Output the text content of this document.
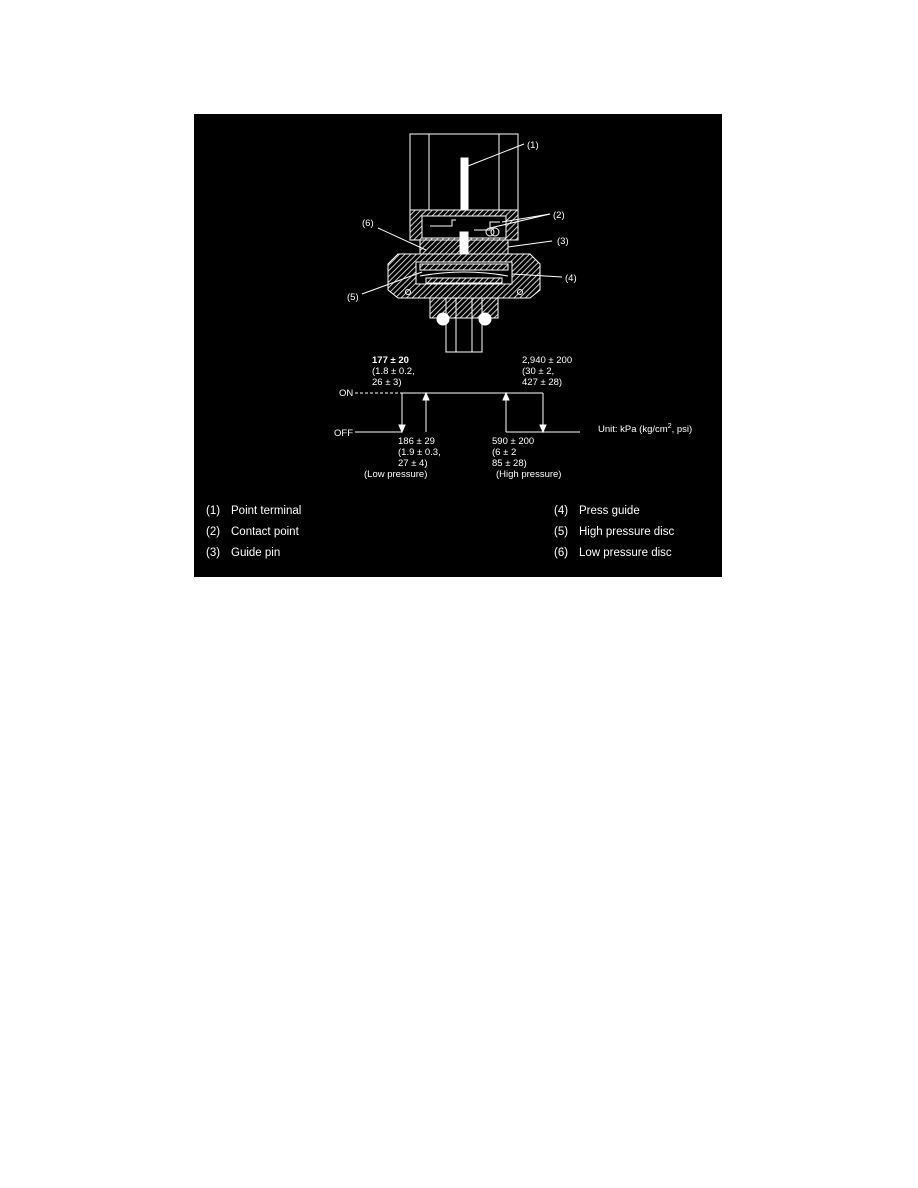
(1)
(2)
(3)
(4)
(5)
(6)
ON
OFF
177 ± 20
(1.8 ± 0.2,
26 ± 3)
2,940 ± 200
(30 ± 2,
427 ± 28)
186 ± 29
(1.9 ± 0.3,
27 ± 4)
(Low pressure)
590 ± 200
(6 ± 2
85 ± 28)
(High pressure)
Unit: kPa ($kg/cm^2$, psi)
(1) Point terminal
(2) Contact point
(3) Guide pin
(4) Press guide
(5) High pressure disc
(6) Low pressure disc
